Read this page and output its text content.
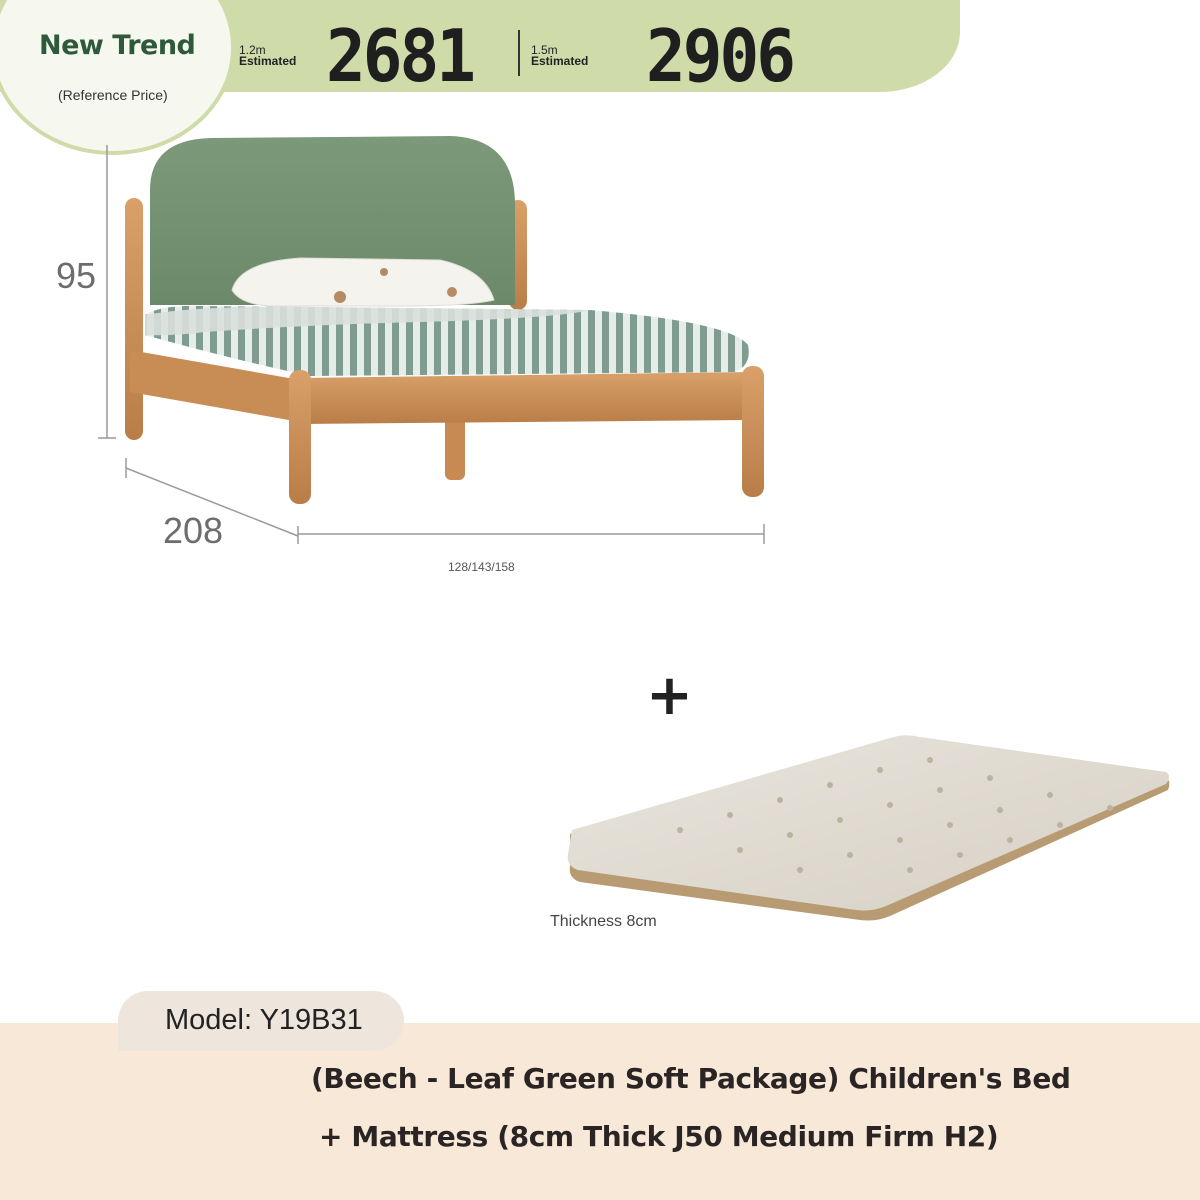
New Trend
(Reference Price)
1.2m
Estimated 2681	1.5m
Estimated 2906
95
208
128/143/158
+
Thickness 8cm
Model: Y19B31
(Beech - Leaf Green Soft Package) Children's Bed
+ Mattress (8cm Thick J50 Medium Firm H2)
